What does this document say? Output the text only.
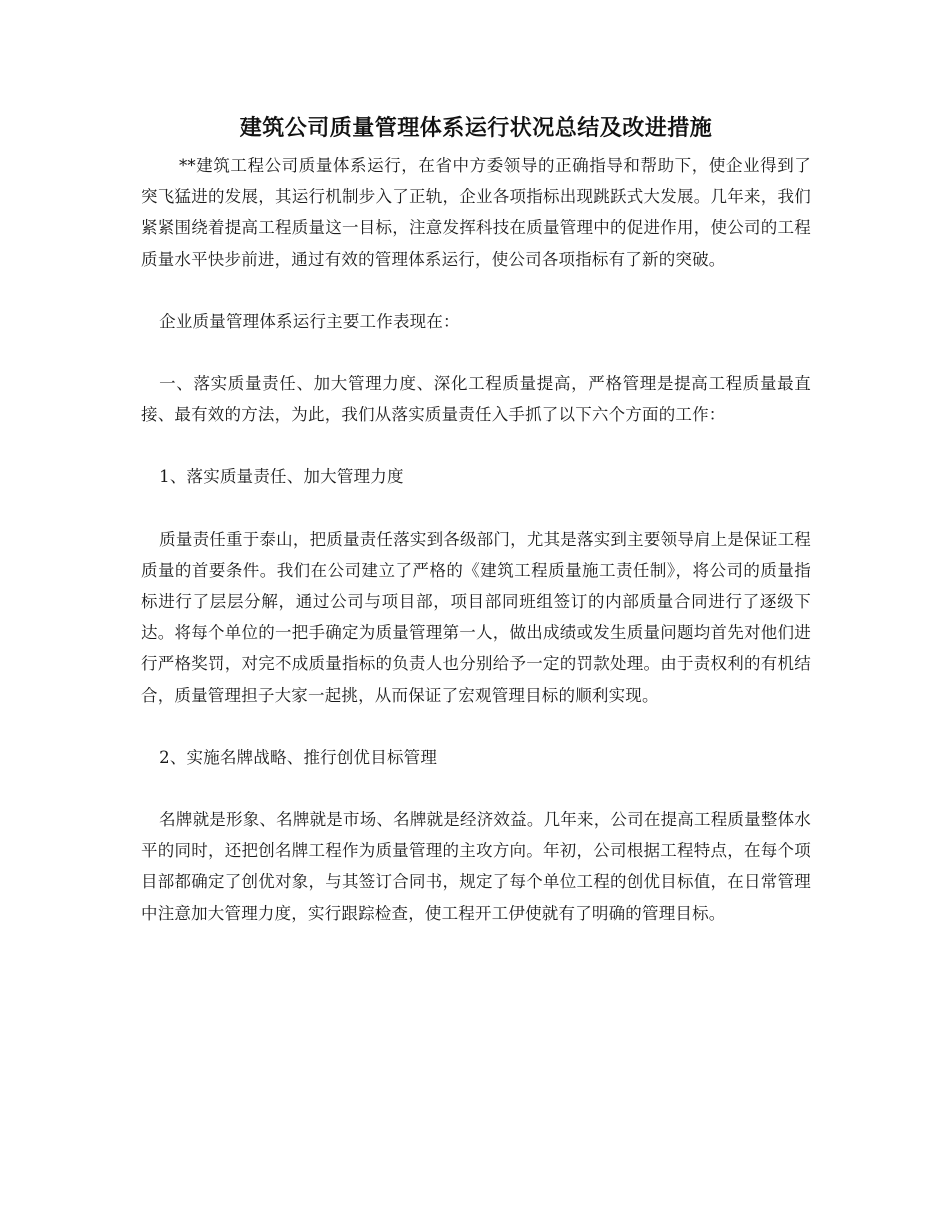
建筑公司质量管理体系运行状况总结及改进措施

**建筑工程公司质量体系运行，在省中方委领导的正确指导和帮助下，使企业得到了突飞猛进的发展，其运行机制步入了正轨，企业各项指标出现跳跃式大发展。几年来，我们紧紧围绕着提高工程质量这一目标，注意发挥科技在质量管理中的促进作用，使公司的工程质量水平快步前进，通过有效的管理体系运行，使公司各项指标有了新的突破。

企业质量管理体系运行主要工作表现在：

一、落实质量责任、加大管理力度、深化工程质量提高，严格管理是提高工程质量最直接、最有效的方法，为此，我们从落实质量责任入手抓了以下六个方面的工作：

1、落实质量责任、加大管理力度

质量责任重于泰山，把质量责任落实到各级部门，尤其是落实到主要领导肩上是保证工程质量的首要条件。我们在公司建立了严格的《建筑工程质量施工责任制》，将公司的质量指标进行了层层分解，通过公司与项目部，项目部同班组签订的内部质量合同进行了逐级下达。将每个单位的一把手确定为质量管理第一人，做出成绩或发生质量问题均首先对他们进行严格奖罚，对完不成质量指标的负责人也分别给予一定的罚款处理。由于责权利的有机结合，质量管理担子大家一起挑，从而保证了宏观管理目标的顺利实现。

2、实施名牌战略、推行创优目标管理

名牌就是形象、名牌就是市场、名牌就是经济效益。几年来，公司在提高工程质量整体水平的同时，还把创名牌工程作为质量管理的主攻方向。年初，公司根据工程特点，在每个项目部都确定了创优对象，与其签订合同书，规定了每个单位工程的创优目标值，在日常管理中注意加大管理力度，实行跟踪检查，使工程开工伊使就有了明确的管理目标。
